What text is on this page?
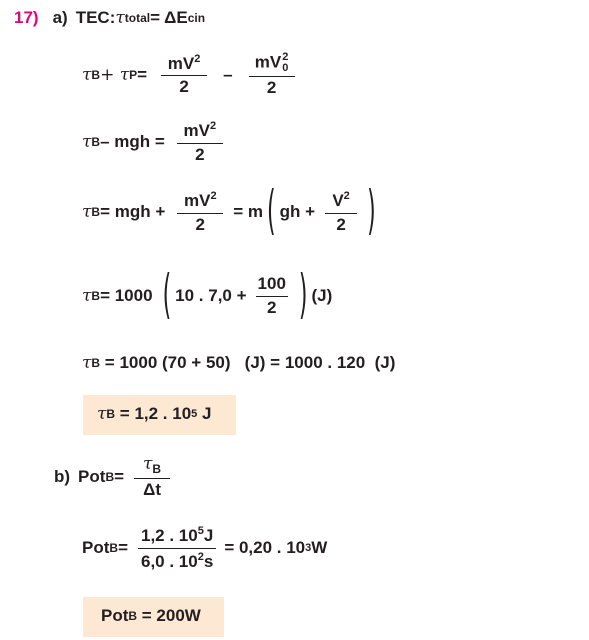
17) a) TEC: τ total = ΔE cin
τ B + τ $P = \frac{mV^2}{2}$ – mV 2
0
2
τ B – mgh = $\frac{mV^2}{2}$
τ B = mgh + $\frac{mV^2}{2} = m$ ( gh + $\frac{V^2}{2}$ )
τ B = 1000 ( 10 . $7,0 + \frac{100}{2}$ ) (J)
τ B = 1000 (70 + 50)   (J) = 1000 . 120  (J)
τ B = 1,2 . 10 5 J
b) Pot $B = \frac{\tau_B}{\Delta t}$
Pot $B = \frac{1,2 . 10^5J}{6,0 . 10^2s} = 0,20$ . 10 3 W
Pot B = 200W
